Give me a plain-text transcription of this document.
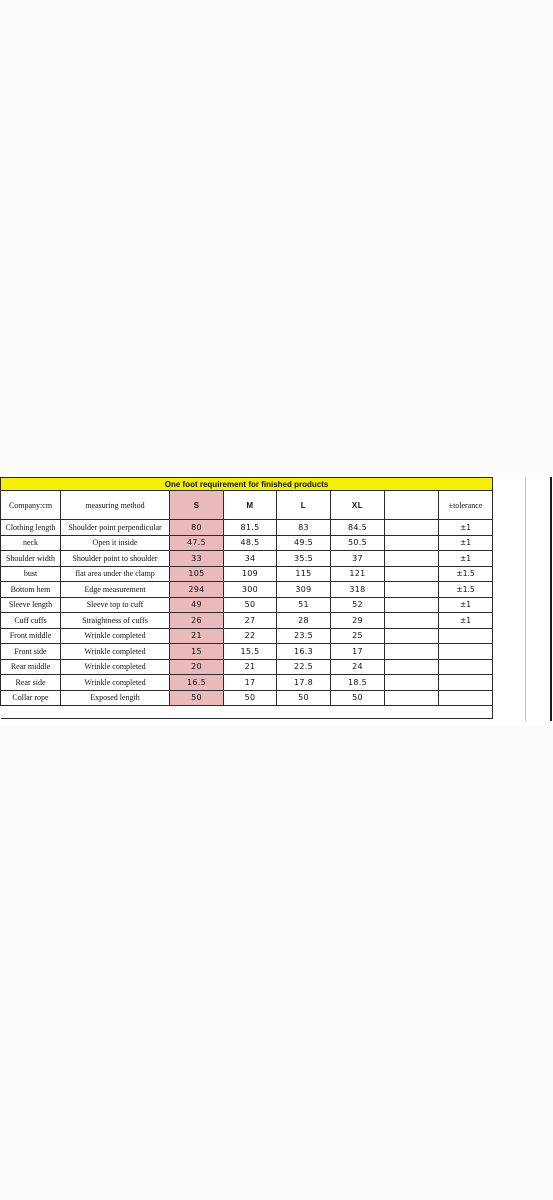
One foot requirement for finished products							
Company:cm	measuring method	S	M	L	XL		±tolerance
Clothing length	Shoulder point perpendicular	80	81.5	83	84.5		±1
neck	Open it inside	47.5	48.5	49.5	50.5		±1
Shoulder width	Shoulder point to shoulder	33	34	35.5	37		±1
bust	flat area under the clamp	105	109	115	121		±1.5
Bottom hem	Edge measurement	294	300	309	318		±1.5
Sleeve length	Sleeve top to cuff	49	50	51	52		±1
Cuff cuffs	Straightness of cuffs	26	27	28	29		±1
Front middle	Wrinkle completed	21	22	23.5	25		
Front side	Wrinkle completed	15	15.5	16.3	17		
Rear middle	Wrinkle completed	20	21	22.5	24		
Rear side	Wrinkle completed	16.5	17	17.8	18.5		
Collar rope	Exposed length	50	50	50	50		
